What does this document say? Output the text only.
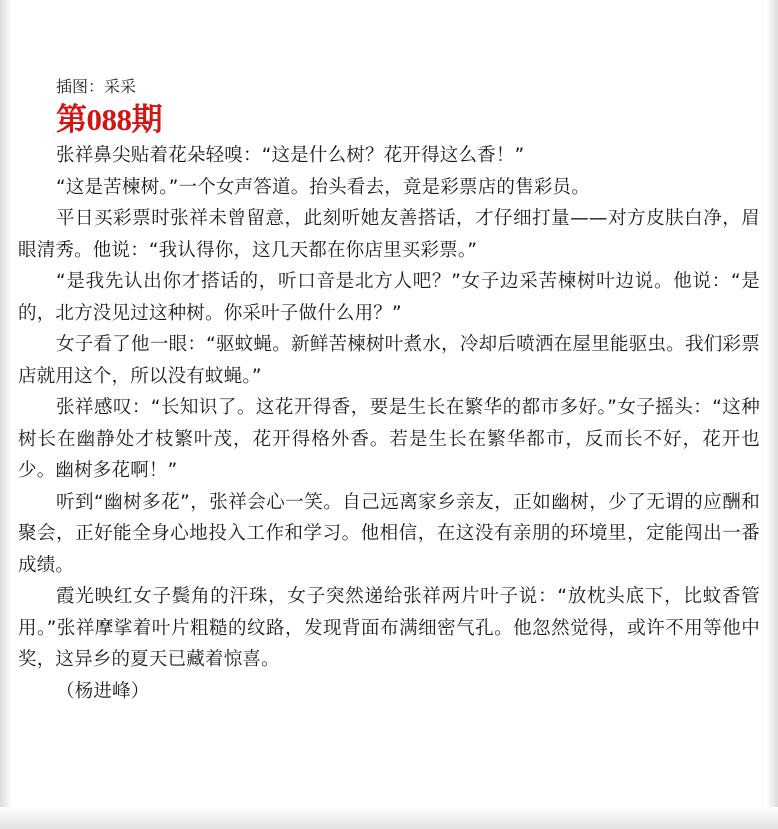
插图：采采
第088期

张祥鼻尖贴着花朵轻嗅：“这是什么树？花开得这么香！”

“这是苦楝树。”一个女声答道。抬头看去，竟是彩票店的售彩员。

平日买彩票时张祥未曾留意，此刻听她友善搭话，才仔细打量——对方皮肤白净，眉眼清秀。他说：“我认得你，这几天都在你店里买彩票。”

“是我先认出你才搭话的，听口音是北方人吧？”女子边采苦楝树叶边说。他说：“是的，北方没见过这种树。你采叶子做什么用？”

女子看了他一眼：“驱蚊蝇。新鲜苦楝树叶煮水，冷却后喷洒在屋里能驱虫。我们彩票店就用这个，所以没有蚊蝇。”

张祥感叹：“长知识了。这花开得香，要是生长在繁华的都市多好。”女子摇头：“这种树长在幽静处才枝繁叶茂，花开得格外香。若是生长在繁华都市，反而长不好，花开也少。幽树多花啊！”

听到“幽树多花”，张祥会心一笑。自己远离家乡亲友，正如幽树，少了无谓的应酬和聚会，正好能全身心地投入工作和学习。他相信，在这没有亲朋的环境里，定能闯出一番成绩。

霞光映红女子鬓角的汗珠，女子突然递给张祥两片叶子说：“放枕头底下，比蚊香管用。”张祥摩挲着叶片粗糙的纹路，发现背面布满细密气孔。他忽然觉得，或许不用等他中奖，这异乡的夏天已藏着惊喜。

（杨进峰）
